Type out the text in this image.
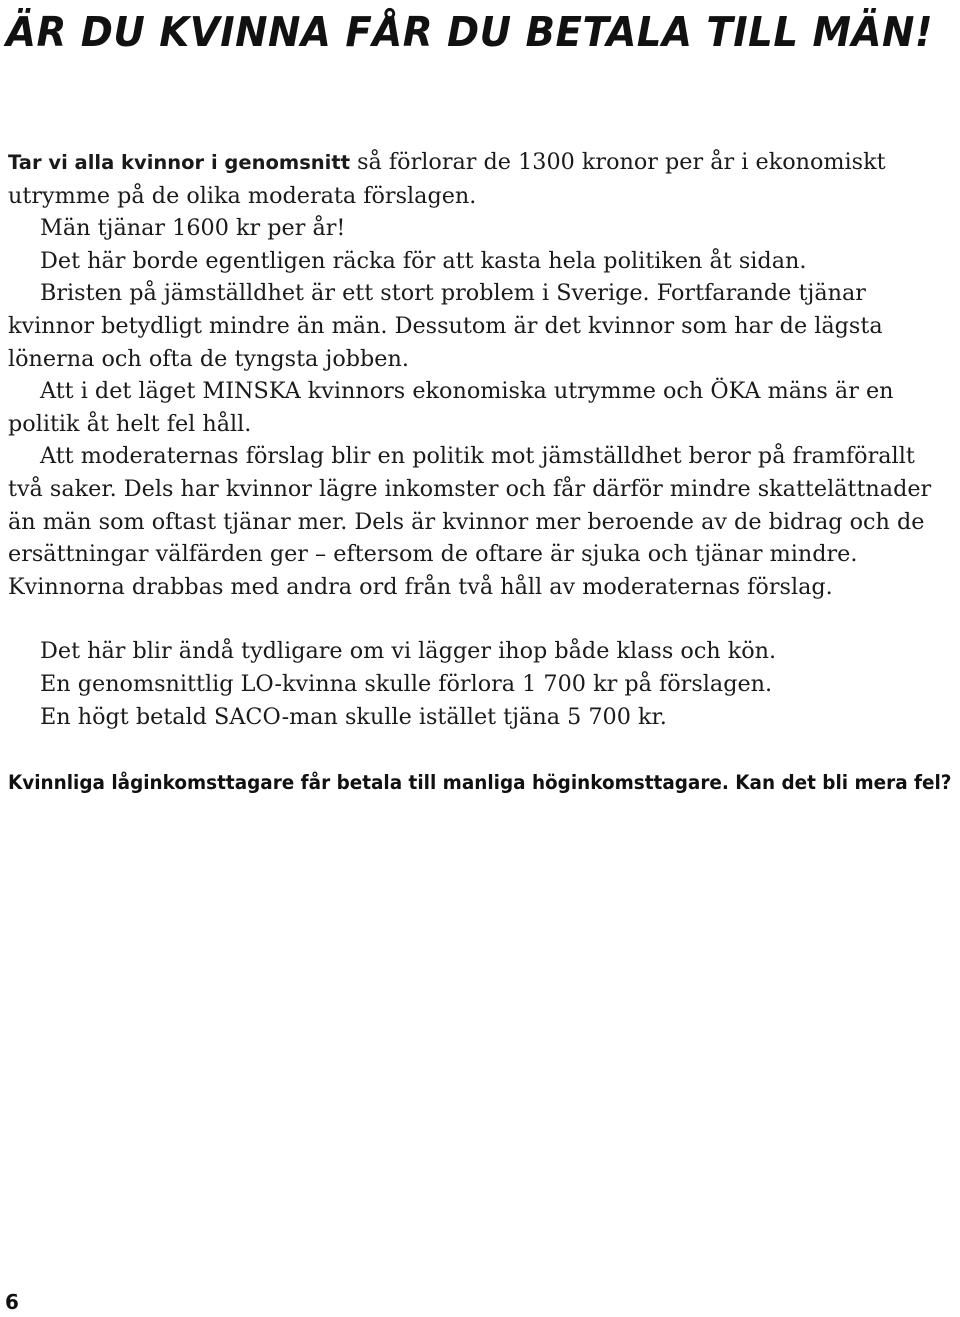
ÄR DU KVINNA FÅR DU BETALA TILL MÄN!

Tar vi alla kvinnor i genomsnitt så förlorar de 1300 kronor per år i ekonomiskt utrymme på de olika moderata förslagen.

Män tjänar 1600 kr per år!

Det här borde egentligen räcka för att kasta hela politiken åt sidan.

Bristen på jämställdhet är ett stort problem i Sverige. Fortfarande tjänar kvinnor betydligt mindre än män. Dessutom är det kvinnor som har de lägsta lönerna och ofta de tyngsta jobben.

Att i det läget MINSKA kvinnors ekonomiska utrymme och ÖKA mäns är en politik åt helt fel håll.

Att moderaternas förslag blir en politik mot jämställdhet beror på framförallt två saker. Dels har kvinnor lägre inkomster och får därför mindre skattelättnader än män som oftast tjänar mer. Dels är kvinnor mer beroende av de bidrag och de ersättningar välfärden ger – eftersom de oftare är sjuka och tjänar mindre. Kvinnorna drabbas med andra ord från två håll av moderaternas förslag.

Det här blir ändå tydligare om vi lägger ihop både klass och kön.

En genomsnittlig LO-kvinna skulle förlora 1 700 kr på förslagen.

En högt betald SACO-man skulle istället tjäna 5 700 kr.

Kvinnliga låginkomsttagare får betala till manliga höginkomsttagare. Kan det bli mera fel?

6
